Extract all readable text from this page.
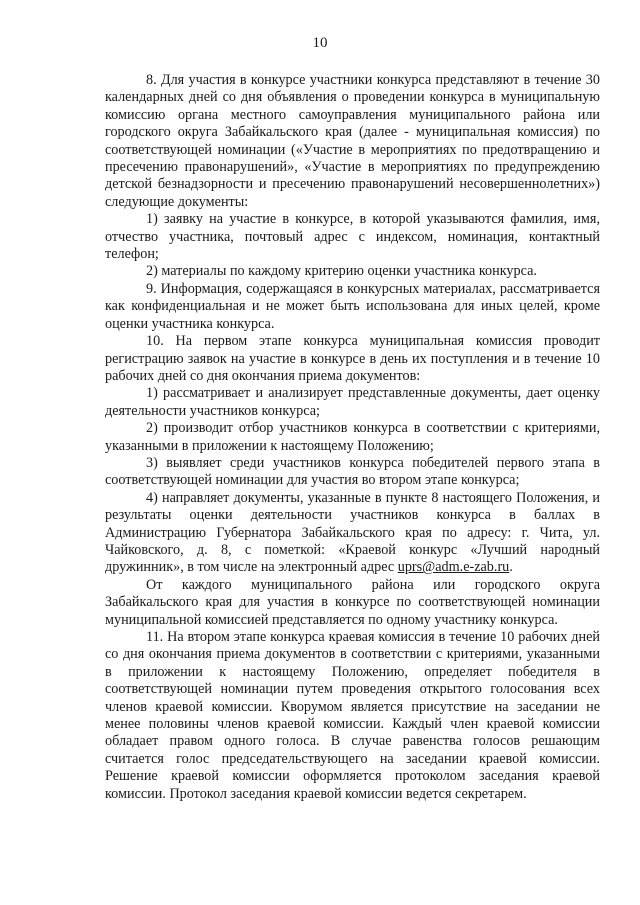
10

8. Для участия в конкурсе участники конкурса представляют в течение 30 календарных дней со дня объявления о проведении конкурса в муниципальную комиссию органа местного самоуправления муниципального района или городского округа Забайкальского края (далее - муниципальная комиссия) по соответствующей номинации («Участие в мероприятиях по предотвращению и пресечению правонарушений», «Участие в мероприятиях по предупреждению детской безнадзорности и пресечению правонарушений несовершеннолетних») следующие документы:

1) заявку на участие в конкурсе, в которой указываются фамилия, имя, отчество участника, почтовый адрес с индексом, номинация, контактный телефон;

2) материалы по каждому критерию оценки участника конкурса.

9. Информация, содержащаяся в конкурсных материалах, рассматривается как конфиденциальная и не может быть использована для иных целей, кроме оценки участника конкурса.

10. На первом этапе конкурса муниципальная комиссия проводит регистрацию заявок на участие в конкурсе в день их поступления и в течение 10 рабочих дней со дня окончания приема документов:

1) рассматривает и анализирует представленные документы, дает оценку деятельности участников конкурса;

2) производит отбор участников конкурса в соответствии с критериями, указанными в приложении к настоящему Положению;

3) выявляет среди участников конкурса победителей первого этапа в соответствующей номинации для участия во втором этапе конкурса;

4) направляет документы, указанные в пункте 8 настоящего Положения, и результаты оценки деятельности участников конкурса в баллах в Администрацию Губернатора Забайкальского края по адресу: г. Чита, ул. Чайковского, д. 8, с пометкой: «Краевой конкурс «Лучший народный дружинник», в том числе на электронный адрес uprs@adm.e-zab.ru.

От каждого муниципального района или городского округа Забайкальского края для участия в конкурсе по соответствующей номинации муниципальной комиссией представляется по одному участнику конкурса.

11. На втором этапе конкурса краевая комиссия в течение 10 рабочих дней со дня окончания приема документов в соответствии с критериями, указанными в приложении к настоящему Положению, определяет победителя в соответствующей номинации путем проведения открытого голосования всех членов краевой комиссии. Кворумом является присутствие на заседании не менее половины членов краевой комиссии. Каждый член краевой комиссии обладает правом одного голоса. В случае равенства голосов решающим считается голос председательствующего на заседании краевой комиссии. Решение краевой комиссии оформляется протоколом заседания краевой комиссии. Протокол заседания краевой комиссии ведется секретарем.
